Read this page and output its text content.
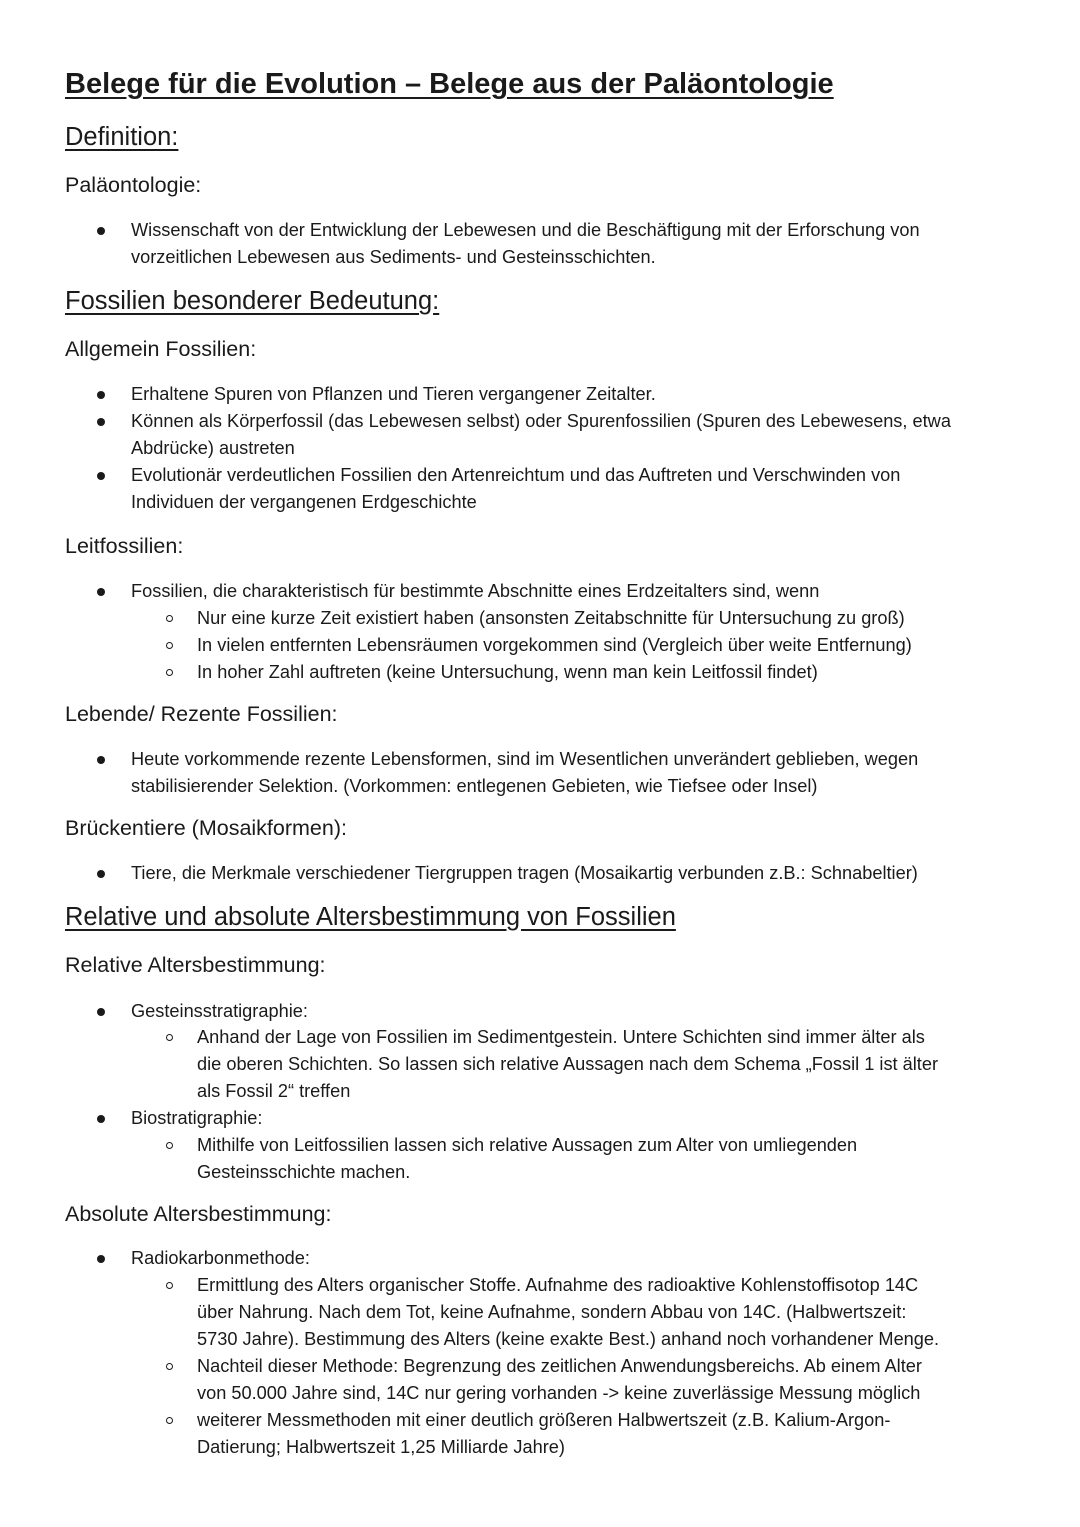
Belege für die Evolution – Belege aus der Paläontologie
Definition:
Paläontologie:
Wissenschaft von der Entwicklung der Lebewesen und die Beschäftigung mit der Erforschung von
vorzeitlichen Lebewesen aus Sediments- und Gesteinsschichten.
Fossilien besonderer Bedeutung:
Allgemein Fossilien:
Erhaltene Spuren von Pflanzen und Tieren vergangener Zeitalter.
Können als Körperfossil (das Lebewesen selbst) oder Spurenfossilien (Spuren des Lebewesens, etwa
Abdrücke) austreten
Evolutionär verdeutlichen Fossilien den Artenreichtum und das Auftreten und Verschwinden von
Individuen der vergangenen Erdgeschichte
Leitfossilien:
Fossilien, die charakteristisch für bestimmte Abschnitte eines Erdzeitalters sind, wenn
Nur eine kurze Zeit existiert haben (ansonsten Zeitabschnitte für Untersuchung zu groß)
In vielen entfernten Lebensräumen vorgekommen sind (Vergleich über weite Entfernung)
In hoher Zahl auftreten (keine Untersuchung, wenn man kein Leitfossil findet)
Lebende/ Rezente Fossilien:
Heute vorkommende rezente Lebensformen, sind im Wesentlichen unverändert geblieben, wegen
stabilisierender Selektion. (Vorkommen: entlegenen Gebieten, wie Tiefsee oder Insel)
Brückentiere (Mosaikformen):
Tiere, die Merkmale verschiedener Tiergruppen tragen (Mosaikartig verbunden z.B.: Schnabeltier)
Relative und absolute Altersbestimmung von Fossilien
Relative Altersbestimmung:
Gesteinsstratigraphie:
Anhand der Lage von Fossilien im Sedimentgestein. Untere Schichten sind immer älter als
die oberen Schichten. So lassen sich relative Aussagen nach dem Schema „Fossil 1 ist älter
als Fossil 2“ treffen
Biostratigraphie:
Mithilfe von Leitfossilien lassen sich relative Aussagen zum Alter von umliegenden
Gesteinsschichte machen.
Absolute Altersbestimmung:
Radiokarbonmethode:
Ermittlung des Alters organischer Stoffe. Aufnahme des radioaktive Kohlenstoffisotop 14C
über Nahrung. Nach dem Tot, keine Aufnahme, sondern Abbau von 14C. (Halbwertszeit:
5730 Jahre). Bestimmung des Alters (keine exakte Best.) anhand noch vorhandener Menge.
Nachteil dieser Methode: Begrenzung des zeitlichen Anwendungsbereichs. Ab einem Alter
von 50.000 Jahre sind, 14C nur gering vorhanden -> keine zuverlässige Messung möglich
weiterer Messmethoden mit einer deutlich größeren Halbwertszeit (z.B. Kalium-Argon-
Datierung; Halbwertszeit 1,25 Milliarde Jahre)
